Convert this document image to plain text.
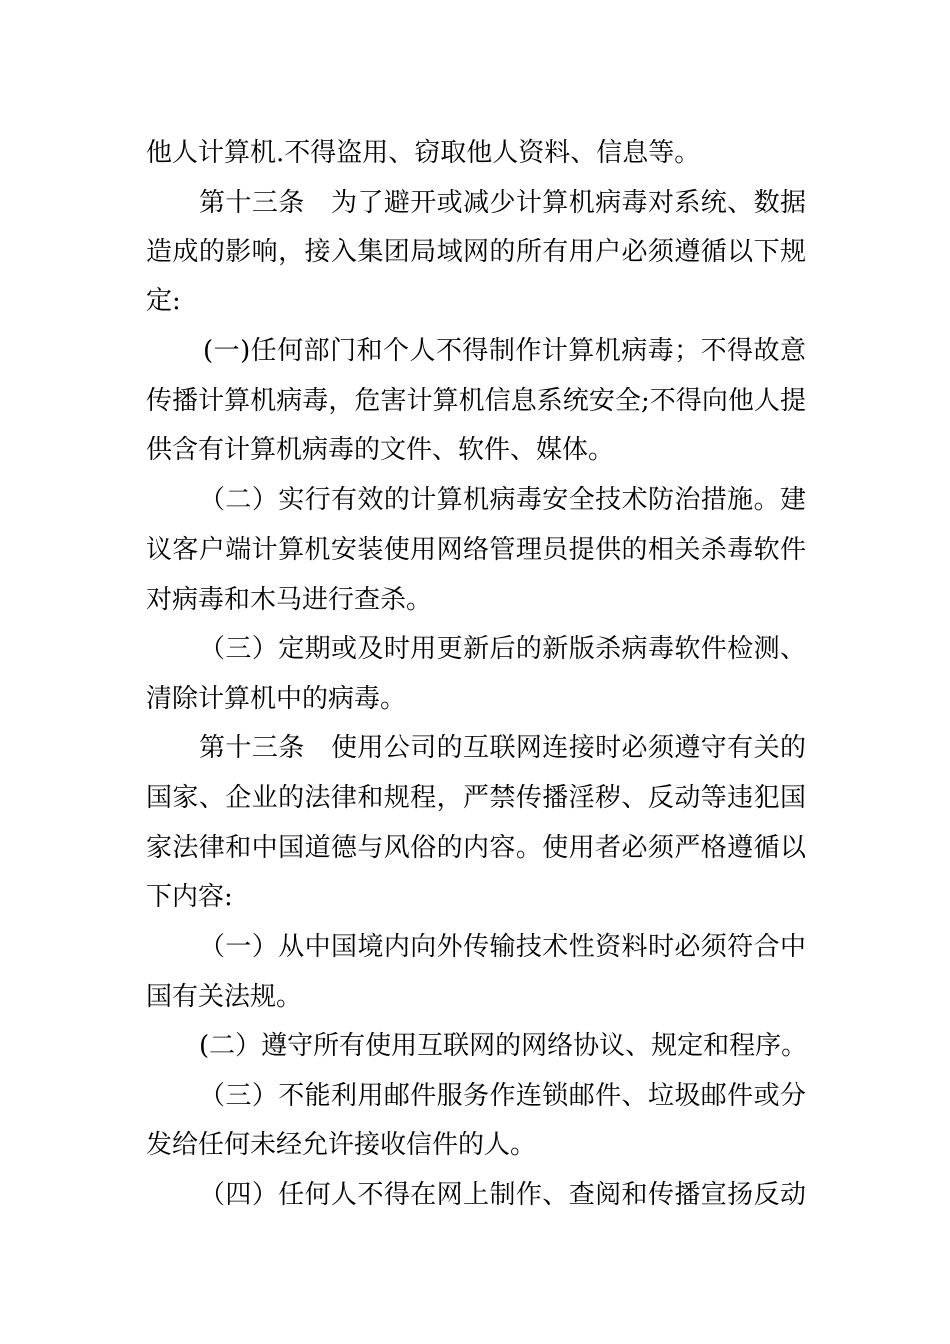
他人计算机.不得盗用、窃取他人资料、信息等。
第十三条　为了避开或减少计算机病毒对系统、数据
造成的影响，接入集团局域网的所有用户必须遵循以下规
定:
(一)任何部门和个人不得制作计算机病毒；不得故意
传播计算机病毒，危害计算机信息系统安全;不得向他人提
供含有计算机病毒的文件、软件、媒体。
（二）实行有效的计算机病毒安全技术防治措施。建
议客户端计算机安装使用网络管理员提供的相关杀毒软件
对病毒和木马进行查杀。
（三）定期或及时用更新后的新版杀病毒软件检测、
清除计算机中的病毒。
第十三条　使用公司的互联网连接时必须遵守有关的
国家、企业的法律和规程，严禁传播淫秽、反动等违犯国
家法律和中国道德与风俗的内容。使用者必须严格遵循以
下内容:
（一）从中国境内向外传输技术性资料时必须符合中
国有关法规。
(二）遵守所有使用互联网的网络协议、规定和程序。
（三）不能利用邮件服务作连锁邮件、垃圾邮件或分
发给任何未经允许接收信件的人。
（四）任何人不得在网上制作、查阅和传播宣扬反动
